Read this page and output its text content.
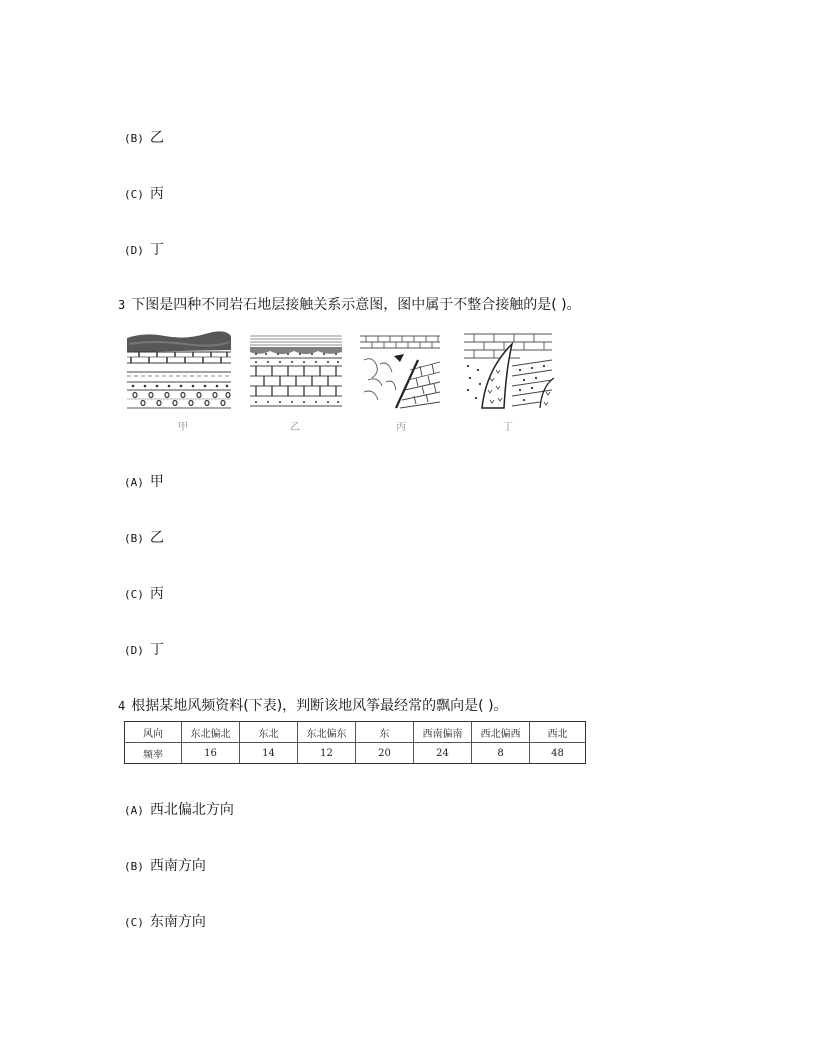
(B) 乙
(C) 丙
(D) 丁
3 下图是四种不同岩石地层接触关系示意图，图中属于不整合接触的是( )。
甲	乙	丙	丁
(A) 甲
(B) 乙
(C) 丙
(D) 丁
4 根据某地风频资料(下表)，判断该地风筝最经常的飘向是( )。
风向	东北偏北	东北	东北偏东	东	西南偏南	西北偏西	西北
频率	16	14	12	20	24	8	48
(A) 西北偏北方向
(B) 西南方向
(C) 东南方向
